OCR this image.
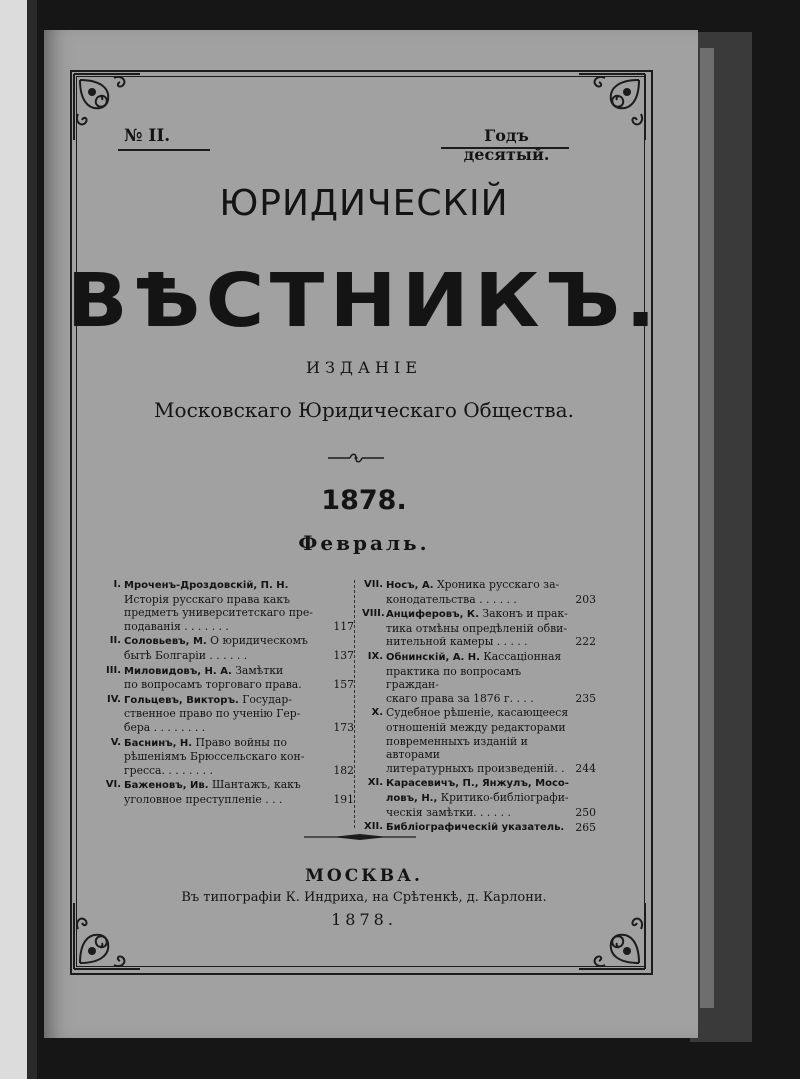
№ II.	Годъ десятый.
ЮРИДИЧЕСКІЙ
ВѢСТНИКЪ.
ИЗДАНІЕ
Московскаго Юридическаго Общества.
1878.
Февраль.
I. Мроченъ-Дроздовскій, П. Н. Исторія русскаго права какъ
предметъ университетскаго пре-
подаванія . . . . . . .	117
II. Соловьевъ, М. О юридическомъ
бытѣ Болгаріи . . . . . .	137
III. Миловидовъ, Н. А. Замѣтки
по вопросамъ торговаго права.	157
IV. Гольцевъ, Викторъ. Государ-
ственное право по ученію Гер-
бера . . . . . . . .	173
V. Баснинъ, Н. Право войны по
рѣшеніямъ Брюссельскаго кон-
гресса. . . . . . . .	182
VI. Баженовъ, Ив. Шантажъ, какъ
уголовное преступленіе . . .	191
VII. Носъ, А. Хроника русскаго за-
конодательства . . . . . .	203
VIII. Анциферовъ, К. Законъ и прак-
тика отмѣны опредѣленій обви-
нительной камеры . . . . .	222
IX. Обнинскій, А. Н. Кассаціонная
практика по вопросамъ граждан-
скаго права за 1876 г. . . .	235
X. Судебное рѣшеніе, касающееся
отношеній между редакторами
повременныхъ изданій и авторами
литературныхъ произведеній. .	244
XI. Карасевичъ, П., Янжулъ, Мосо-
ловъ, Н., Критико-библіографи-
ческія замѣтки. . . . . .	250
XII. Библіографическій указатель.	265
МОСКВА.
Въ типографіи К. Индриха, на Срѣтенкѣ, д. Карлони.
1878.
